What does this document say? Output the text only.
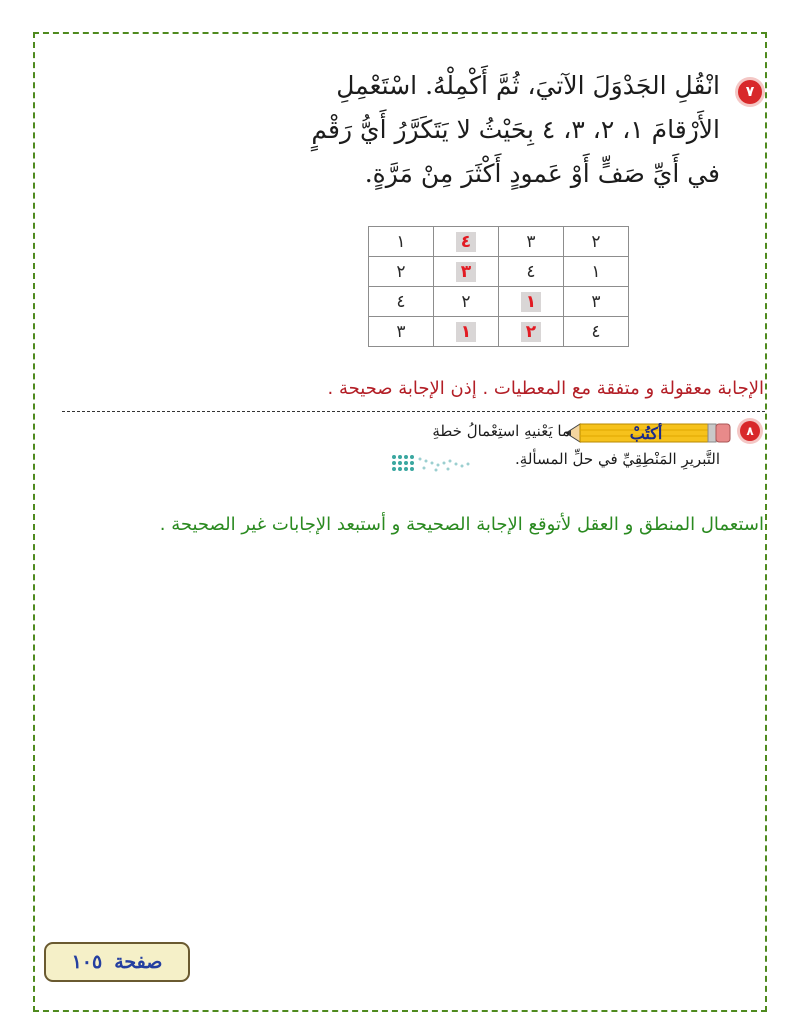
٧
انْقُلِ الجَدْوَلَ الآتيَ، ثُمَّ أَكْمِلْهُ. اسْتَعْمِلِ
الأَرْقامَ ١، ٢، ٣، ٤ بِحَيْثُ لا يَتَكَرَّرُ أَيُّ رَقْمٍ
في أَيِّ صَفٍّ أَوْ عَمودٍ أَكْثَرَ مِنْ مَرَّةٍ.
٢	٣	٤	١
١	٤	٣	٢
٣	١	٢	٤
٤	٢	١	٣
الإجابة معقولة و متفقة مع المعطيات . إذن الإجابة صحيحة .
٨
أكتُبْ
ما يَعْنيهِ استِعْمالُ خطةِ
التَّبريرِ المَنْطِقِيِّ في حلِّ المسألةِ.
استعمال المنطق و العقل لأتوقع الإجابة الصحيحة و أستبعد الإجابات غير الصحيحة .
صفحة
١٠٥
